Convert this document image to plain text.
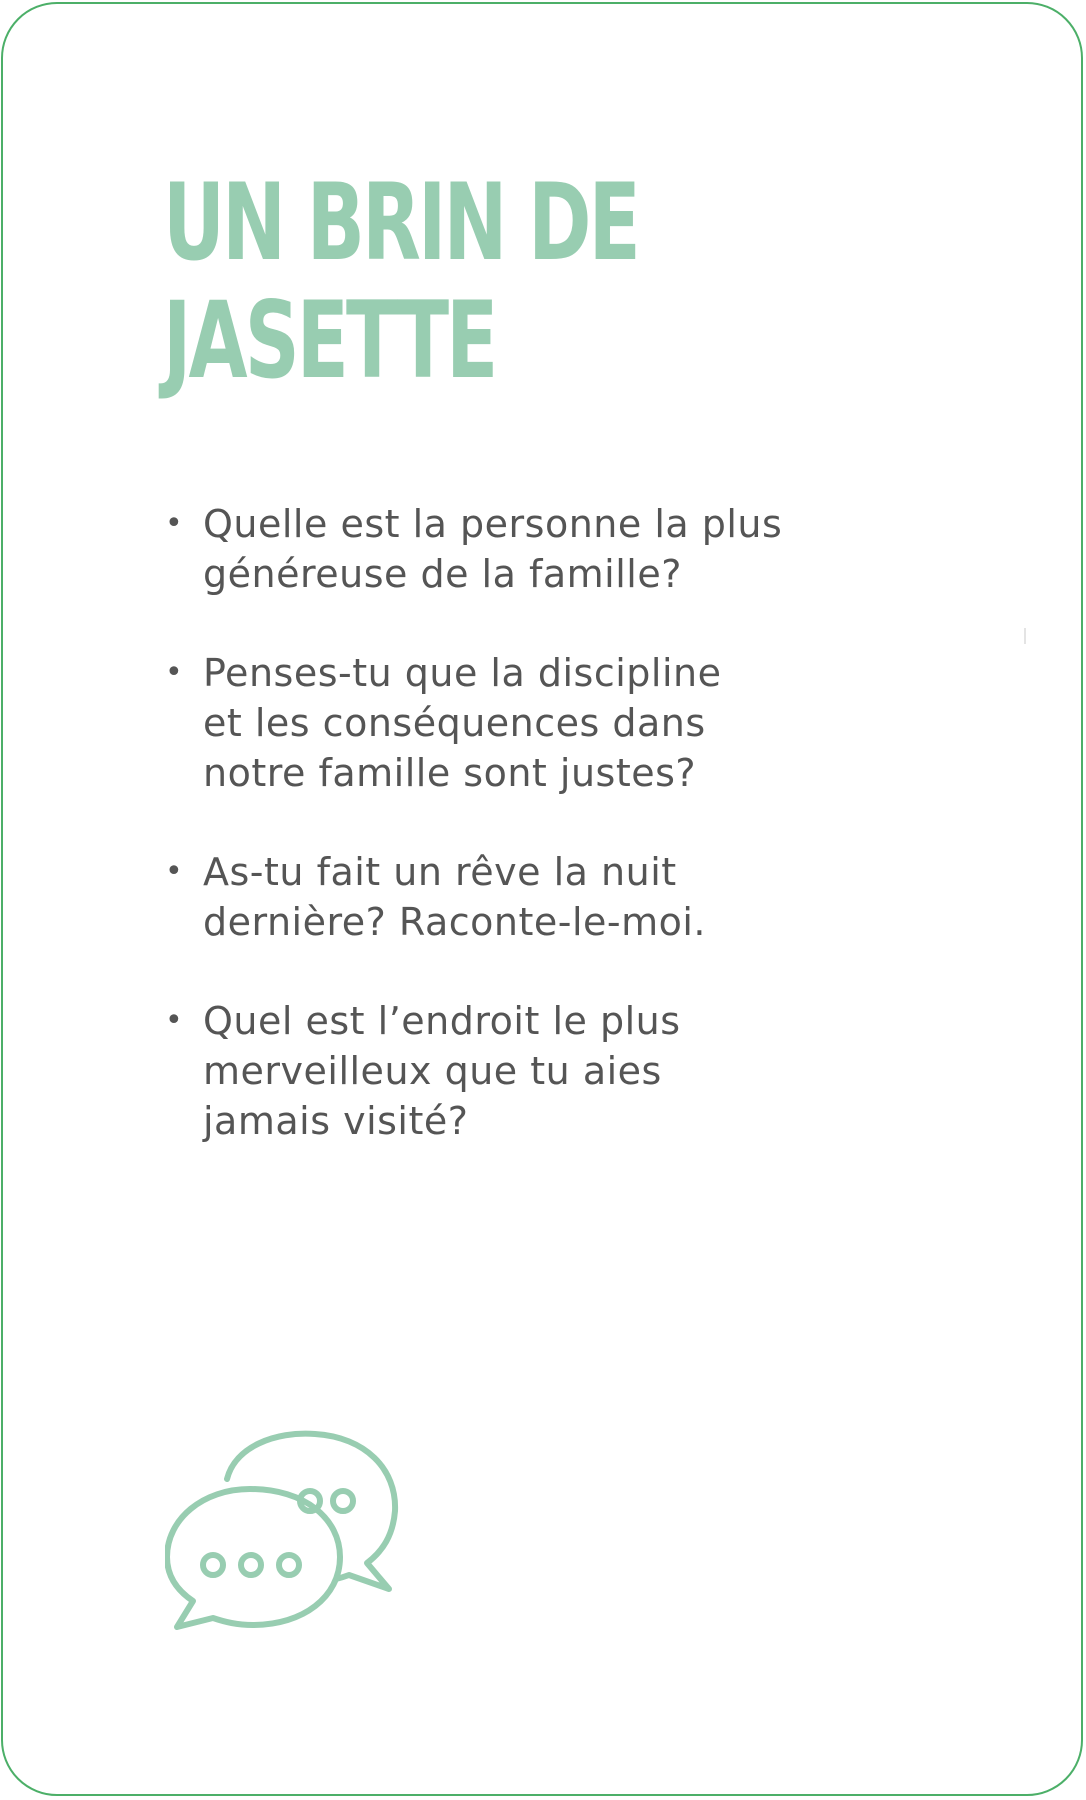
UN BRIN DE
JASETTE
• Quelle est la personne la plus
généreuse de la famille?
• Penses-tu que la discipline
et les conséquences dans
notre famille sont justes?
• As-tu fait un rêve la nuit
dernière? Raconte-le-moi.
• Quel est l’endroit le plus
merveilleux que tu aies
jamais visité?
